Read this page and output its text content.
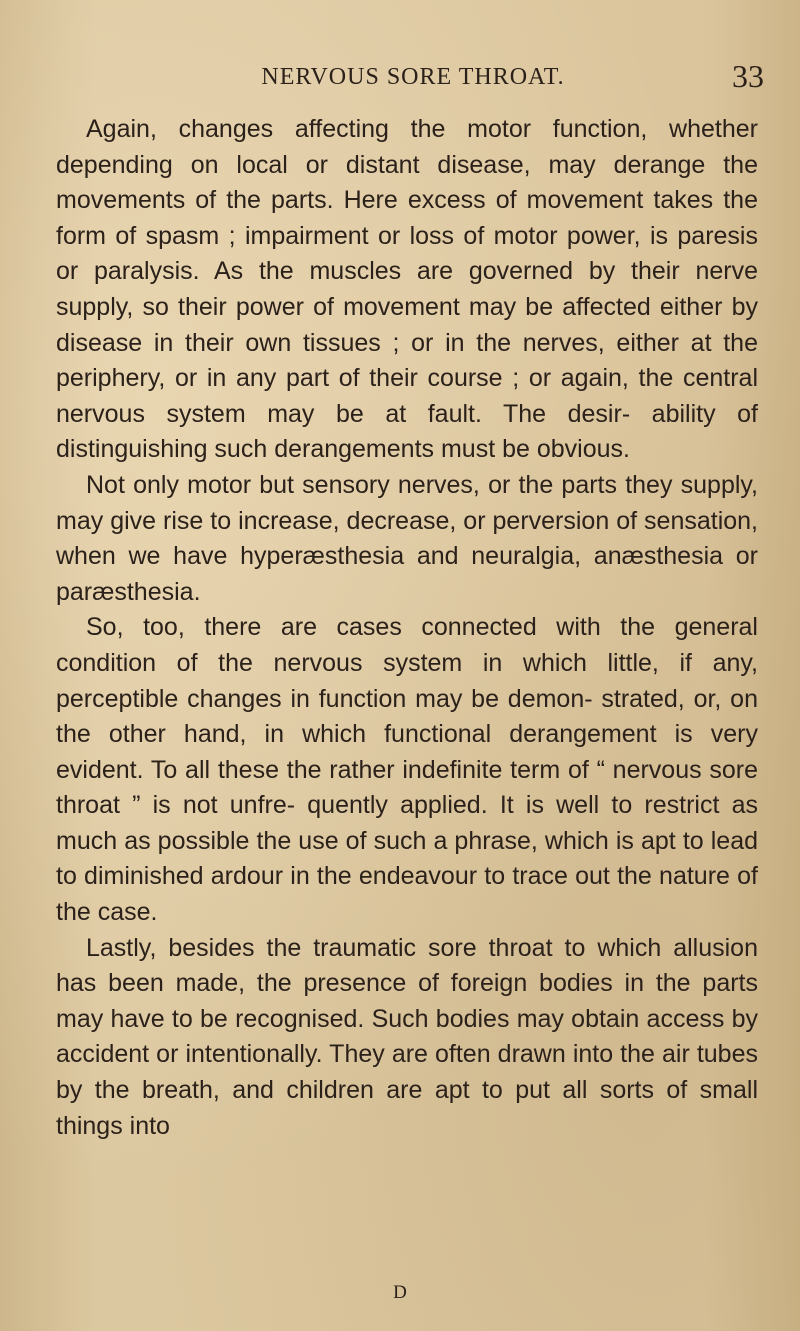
NERVOUS SORE THROAT.	33

Again, changes affecting the motor function, whether depending on local or distant disease, may derange the movements of the parts. Here excess of movement takes the form of spasm ; impairment or loss of motor power, is paresis or paralysis. As the muscles are governed by their nerve supply, so their power of movement may be affected either by disease in their own tissues ; or in the nerves, either at the periphery, or in any part of their course ; or again, the central nervous system may be at fault. The desir- ability of distinguishing such derangements must be obvious.

Not only motor but sensory nerves, or the parts they supply, may give rise to increase, decrease, or perversion of sensation, when we have hyperæsthesia and neuralgia, anæsthesia or paræsthesia.

So, too, there are cases connected with the general condition of the nervous system in which little, if any, perceptible changes in function may be demon- strated, or, on the other hand, in which functional derangement is very evident. To all these the rather indefinite term of “ nervous sore throat ” is not unfre- quently applied. It is well to restrict as much as possible the use of such a phrase, which is apt to lead to diminished ardour in the endeavour to trace out the nature of the case.

Lastly, besides the traumatic sore throat to which allusion has been made, the presence of foreign bodies in the parts may have to be recognised. Such bodies may obtain access by accident or intentionally. They are often drawn into the air tubes by the breath, and children are apt to put all sorts of small things into

D
